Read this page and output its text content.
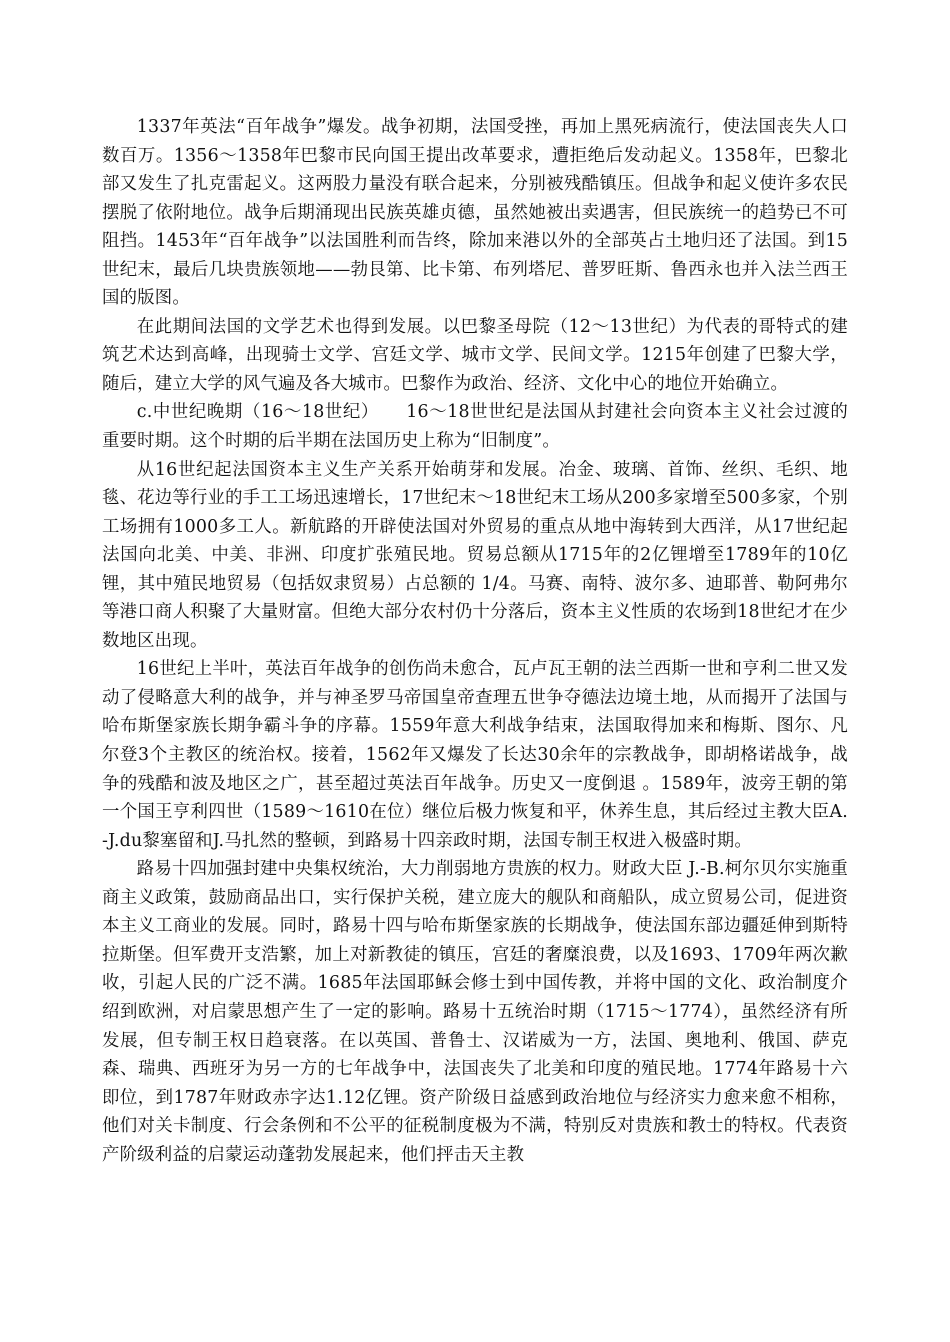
1337年英法“百年战争”爆发。战争初期，法国受挫，再加上黑死病流行，使法国丧失人口数百万。1356～1358年巴黎市民向国王提出改革要求，遭拒绝后发动起义。1358年，巴黎北部又发生了扎克雷起义。这两股力量没有联合起来，分别被残酷镇压。但战争和起义使许多农民摆脱了依附地位。战争后期涌现出民族英雄贞德，虽然她被出卖遇害，但民族统一的趋势已不可阻挡。1453年“百年战争”以法国胜利而告终，除加来港以外的全部英占土地归还了法国。到15世纪末，最后几块贵族领地——勃艮第、比卡第、布列塔尼、普罗旺斯、鲁西永也并入法兰西王国的版图。

在此期间法国的文学艺术也得到发展。以巴黎圣母院（12～13世纪）为代表的哥特式的建筑艺术达到高峰，出现骑士文学、宫廷文学、城市文学、民间文学。1215年创建了巴黎大学，随后，建立大学的风气遍及各大城市。巴黎作为政治、经济、文化中心的地位开始确立。

c.中世纪晚期（16～18世纪）　　16～18世世纪是法国从封建社会向资本主义社会过渡的重要时期。这个时期的后半期在法国历史上称为“旧制度”。

从16世纪起法国资本主义生产关系开始萌芽和发展。冶金、玻璃、首饰、丝织、毛织、地毯、花边等行业的手工工场迅速增长，17世纪末～18世纪末工场从200多家增至500多家，个别工场拥有1000多工人。新航路的开辟使法国对外贸易的重点从地中海转到大西洋，从17世纪起法国向北美、中美、非洲、印度扩张殖民地。贸易总额从1715年的2亿锂增至1789年的10亿锂，其中殖民地贸易（包括奴隶贸易）占总额的 1/4。马赛、南特、波尔多、迪耶普、勒阿弗尔等港口商人积聚了大量财富。但绝大部分农村仍十分落后，资本主义性质的农场到18世纪才在少数地区出现。

16世纪上半叶，英法百年战争的创伤尚未愈合，瓦卢瓦王朝的法兰西斯一世和亨利二世又发动了侵略意大利的战争，并与神圣罗马帝国皇帝查理五世争夺德法边境土地，从而揭开了法国与哈布斯堡家族长期争霸斗争的序幕。1559年意大利战争结束，法国取得加来和梅斯、图尔、凡尔登3个主教区的统治权。接着，1562年又爆发了长达30余年的宗教战争，即胡格诺战争，战争的残酷和波及地区之广，甚至超过英法百年战争。历史又一度倒退 。1589年，波旁王朝的第一个国王亨利四世（1589～1610在位）继位后极力恢复和平，休养生息，其后经过主教大臣A.-J.du黎塞留和J.马扎然的整顿，到路易十四亲政时期，法国专制王权进入极盛时期。

路易十四加强封建中央集权统治，大力削弱地方贵族的权力。财政大臣 J.-B.柯尔贝尔实施重商主义政策，鼓励商品出口，实行保护关税，建立庞大的舰队和商船队，成立贸易公司，促进资本主义工商业的发展。同时，路易十四与哈布斯堡家族的长期战争，使法国东部边疆延伸到斯特拉斯堡。但军费开支浩繁，加上对新教徒的镇压，宫廷的奢糜浪费，以及1693、1709年两次歉收，引起人民的广泛不满。1685年法国耶稣会修士到中国传教，并将中国的文化、政治制度介绍到欧洲，对启蒙思想产生了一定的影响。路易十五统治时期（1715～1774），虽然经济有所发展，但专制王权日趋衰落。在以英国、普鲁士、汉诺威为一方，法国、奥地利、俄国、萨克森、瑞典、西班牙为另一方的七年战争中，法国丧失了北美和印度的殖民地。1774年路易十六即位，到1787年财政赤字达1.12亿锂。资产阶级日益感到政治地位与经济实力愈来愈不相称，他们对关卡制度、行会条例和不公平的征税制度极为不满，特别反对贵族和教士的特权。代表资产阶级利益的启蒙运动蓬勃发展起来，他们抨击天主教
